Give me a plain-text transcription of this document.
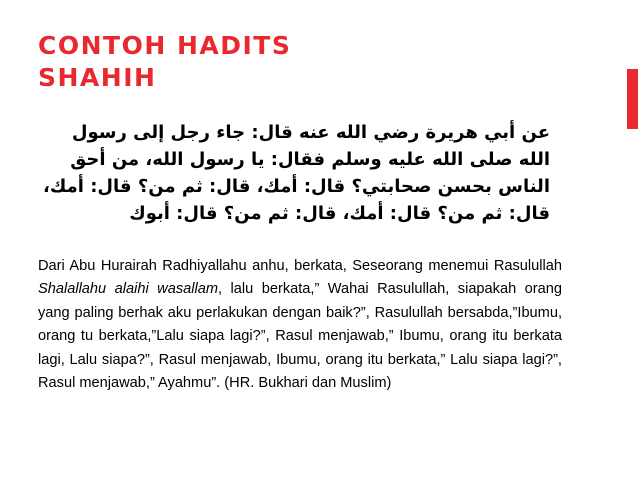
CONTOH HADITS
SHAHIH

عن أبي هريرة رضي الله عنه قال: جاء رجل إلى رسول الله صلى الله عليه وسلم فقال: يا رسول الله، من أحق الناس بحسن صحابتي؟ قال: أمك، قال: ثم من؟ قال: أمك، قال: ثم من؟ قال: أمك، قال: ثم من؟ قال: أبوك

Dari Abu Hurairah Radhiyallahu anhu, berkata, Seseorang menemui Rasulullah Shalallahu alaihi wasallam, lalu berkata,” Wahai Rasulullah, siapakah orang yang paling berhak aku perlakukan dengan baik?”, Rasulullah bersabda,”Ibumu, orang tu berkata,”Lalu siapa lagi?”, Rasul menjawab,” Ibumu, orang itu berkata lagi, Lalu siapa?”, Rasul menjawab, Ibumu, orang itu berkata,” Lalu siapa lagi?”, Rasul menjawab,” Ayahmu”. (HR. Bukhari dan Muslim)
